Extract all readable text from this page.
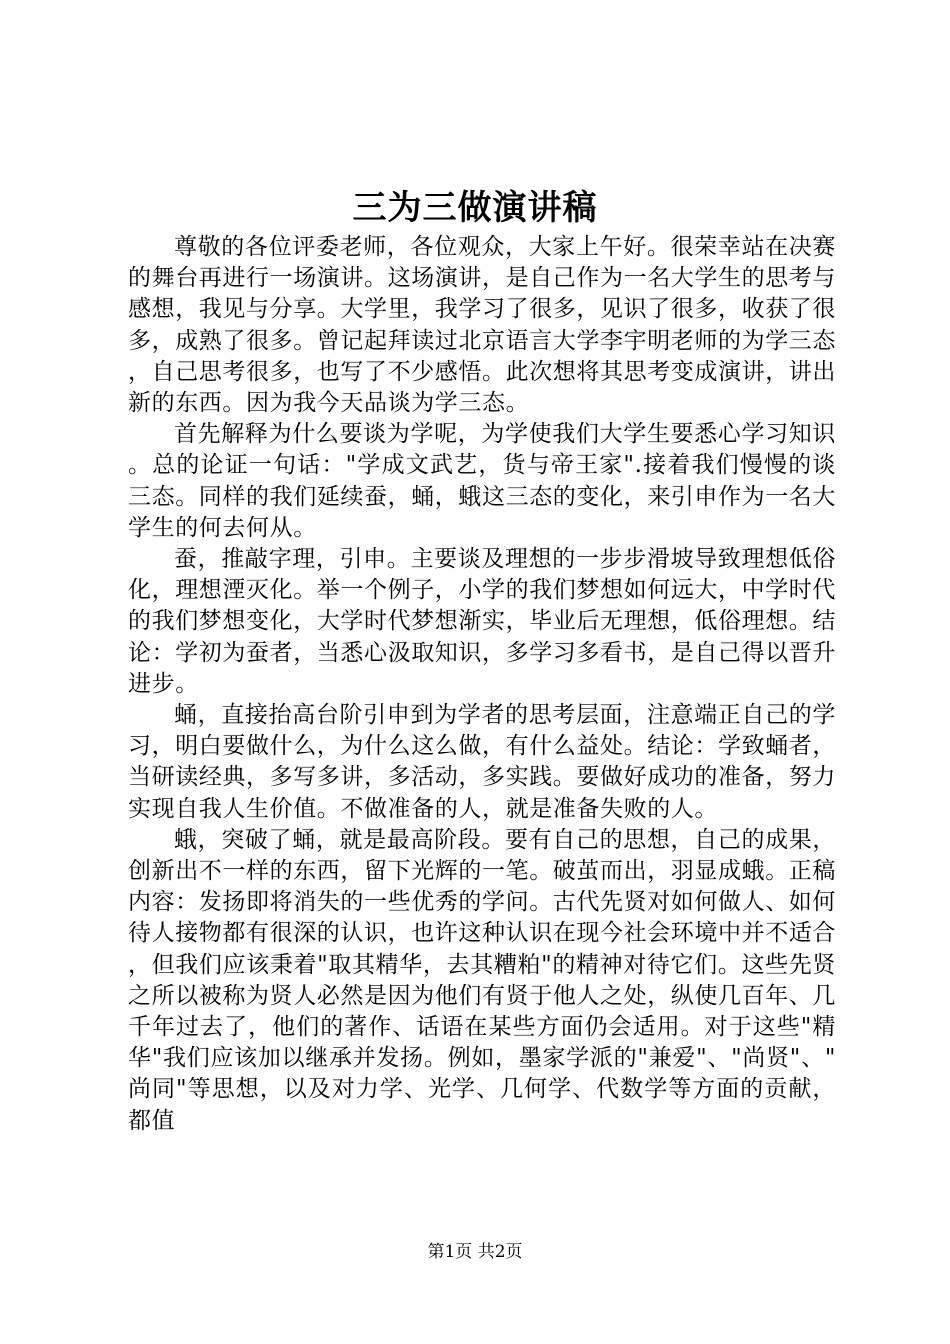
三为三做演讲稿

尊敬的各位评委老师，各位观众，大家上午好。很荣幸站在决赛的舞台再进行一场演讲。这场演讲，是自己作为一名大学生的思考与感想，我见与分享。大学里，我学习了很多，见识了很多，收获了很多，成熟了很多。曾记起拜读过北京语言大学李宇明老师的为学三态，自己思考很多，也写了不少感悟。此次想将其思考变成演讲，讲出新的东西。因为我今天品谈为学三态。

首先解释为什么要谈为学呢，为学使我们大学生要悉心学习知识。总的论证一句话："学成文武艺，货与帝王家".接着我们慢慢的谈三态。同样的我们延续蚕，蛹，蛾这三态的变化，来引申作为一名大学生的何去何从。

蚕，推敲字理，引申。主要谈及理想的一步步滑坡导致理想低俗化，理想湮灭化。举一个例子，小学的我们梦想如何远大，中学时代的我们梦想变化，大学时代梦想渐实，毕业后无理想，低俗理想。结论：学初为蚕者，当悉心汲取知识，多学习多看书，是自己得以晋升进步。

蛹，直接抬高台阶引申到为学者的思考层面，注意端正自己的学习，明白要做什么，为什么这么做，有什么益处。结论：学致蛹者，当研读经典，多写多讲，多活动，多实践。要做好成功的准备，努力实现自我人生价值。不做准备的人，就是准备失败的人。

蛾，突破了蛹，就是最高阶段。要有自己的思想，自己的成果，创新出不一样的东西，留下光辉的一笔。破茧而出，羽显成蛾。正稿内容：发扬即将消失的一些优秀的学问。古代先贤对如何做人、如何待人接物都有很深的认识，也许这种认识在现今社会环境中并不适合，但我们应该秉着"取其精华，去其糟粕"的精神对待它们。这些先贤之所以被称为贤人必然是因为他们有贤于他人之处，纵使几百年、几千年过去了，他们的著作、话语在某些方面仍会适用。对于这些"精华"我们应该加以继承并发扬。例如，墨家学派的"兼爱"、"尚贤"、"尚同"等思想，以及对力学、光学、几何学、代数学等方面的贡献，都值

第1页 共2页
